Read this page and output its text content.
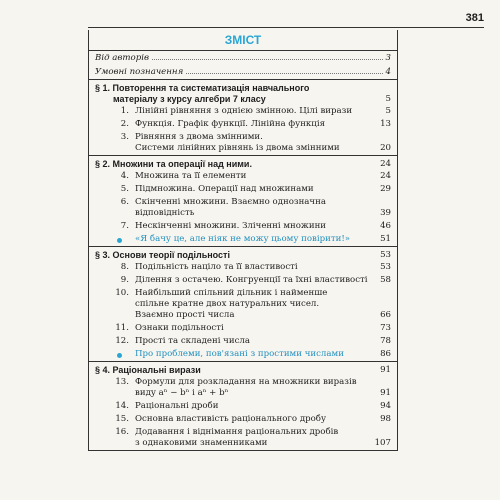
381
ЗМІСТ
Від авторів	3
Умовні позначення	4
§ 1. Повторення та систематизація навчального
матеріалу з курсу алгебри 7 класу	5
1. Лінійні рівняння з однією змінною. Цілі вирази	5
2. Функція. Графік функції. Лінійна функція	13
3. Рівняння з двома змінними.
Системи лінійних рівнянь із двома змінними	20
§ 2. Множини та операції над ними.	24
4. Множина та її елементи	24
5. Підмножина. Операції над множинами	29
6. Скінченні множини. Взаємно однозначна
відповідність	39
7. Нескінченні множини. Зліченні множини	46
«Я бачу це, але ніяк не можу цьому повірити!»	51
§ 3. Основи теорії подільності	53
8. Подільність націло та її властивості	53
9. Ділення з остачею. Конгруенції та їхні властивості 58
10. Найбільший спільний дільник і найменше
спільне кратне двох натуральних чисел.
Взаємно прості числа	66
11. Ознаки подільності	73
12. Прості та складені числа	78
Про проблеми, пов'язані з простими числами	86
§ 4. Раціональні вирази	91
13. Формули для розкладання на множники виразів
виду aⁿ − bⁿ і aⁿ + bⁿ	91
14. Раціональні дроби	94
15. Основна властивість раціонального дробу	98
16. Додавання і віднімання раціональних дробів
з однаковими знаменниками	107
